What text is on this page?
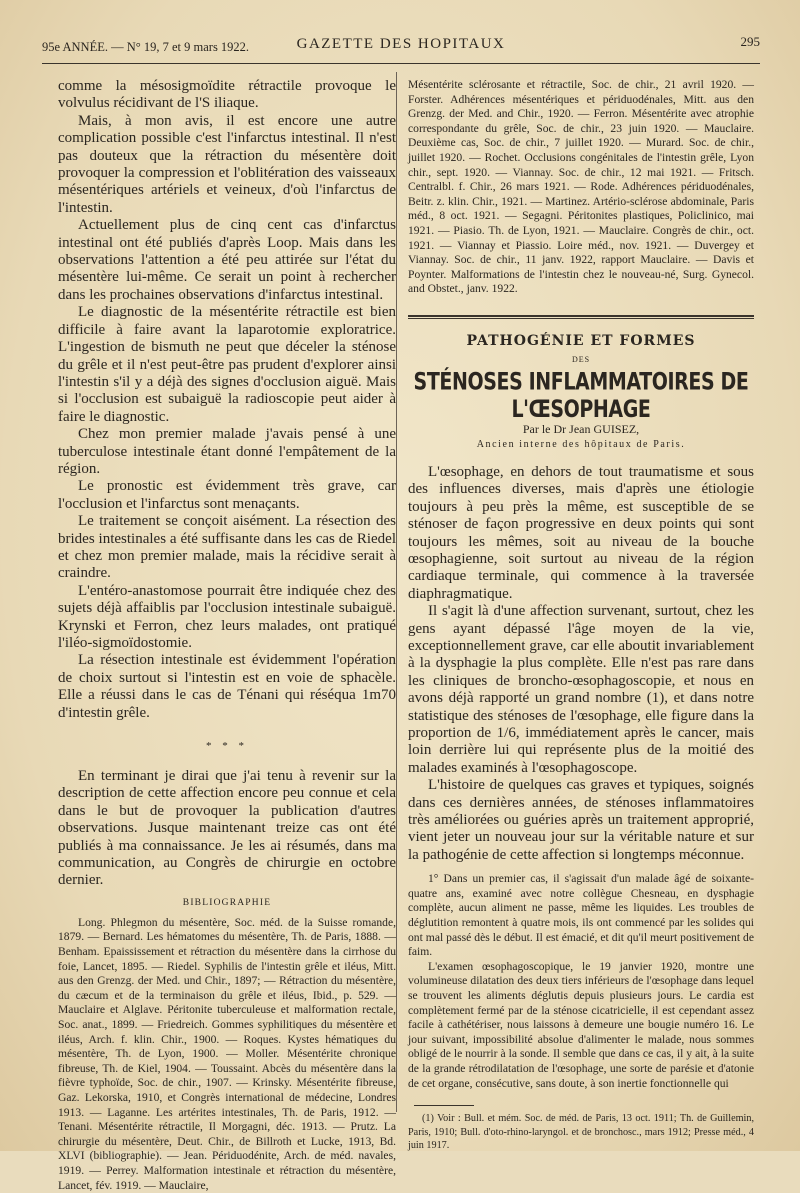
95e ANNÉE. — N° 19, 7 et 9 mars 1922.	GAZETTE DES HOPITAUX	295

comme la mésosigmoïdite rétractile provoque le volvulus récidivant de l'S iliaque.

Mais, à mon avis, il est encore une autre complication possible c'est l'infarctus intestinal. Il n'est pas douteux que la rétraction du mésentère doit provoquer la compression et l'oblitération des vaisseaux mésentériques artériels et veineux, d'où l'infarctus de l'intestin.

Actuellement plus de cinq cent cas d'infarctus intestinal ont été publiés d'après Loop. Mais dans les observations l'attention a été peu attirée sur l'état du mésentère lui-même. Ce serait un point à rechercher dans les prochaines observations d'infarctus intestinal.

Le diagnostic de la mésentérite rétractile est bien difficile à faire avant la laparotomie exploratrice. L'ingestion de bismuth ne peut que déceler la sténose du grêle et il n'est peut-être pas prudent d'explorer ainsi l'intestin s'il y a déjà des signes d'occlusion aiguë. Mais si l'occlusion est subaiguë la radioscopie peut aider à faire le diagnostic.

Chez mon premier malade j'avais pensé à une tuberculose intestinale étant donné l'empâtement de la région.

Le pronostic est évidemment très grave, car l'occlusion et l'infarctus sont menaçants.

Le traitement se conçoit aisément. La résection des brides intestinales a été suffisante dans les cas de Riedel et chez mon premier malade, mais la récidive serait à craindre.

L'entéro-anastomose pourrait être indiquée chez des sujets déjà affaiblis par l'occlusion intestinale subaiguë. Krynski et Ferron, chez leurs malades, ont pratiqué l'iléo-sigmoïdostomie.

La résection intestinale est évidemment l'opération de choix surtout si l'intestin est en voie de sphacèle. Elle a réussi dans le cas de Ténani qui réséqua 1m70 d'intestin grêle.

* * *

En terminant je dirai que j'ai tenu à revenir sur la description de cette affection encore peu connue et cela dans le but de provoquer la publication d'autres observations. Jusque maintenant treize cas ont été publiés à ma connaissance. Je les ai résumés, dans ma communication, au Congrès de chirurgie en octobre dernier.

BIBLIOGRAPHIE

Long. Phlegmon du mésentère, Soc. méd. de la Suisse romande, 1879. — Bernard. Les hématomes du mésentère, Th. de Paris, 1888. — Benham. Epaississement et rétraction du mésentère dans la cirrhose du foie, Lancet, 1895. — Riedel. Syphilis de l'intestin grêle et iléus, Mitt. aus den Grenzg. der Med. und Chir., 1897; — Rétraction du mésentère, du cæcum et de la terminaison du grêle et iléus, Ibid., p. 529. — Mauclaire et Alglave. Péritonite tuberculeuse et malformation rectale, Soc. anat., 1899. — Friedreich. Gommes syphilitiques du mésentère et iléus, Arch. f. klin. Chir., 1900. — Roques. Kystes hématiques du mésentère, Th. de Lyon, 1900. — Moller. Mésentérite chronique fibreuse, Th. de Kiel, 1904. — Toussaint. Abcès du mésentère dans la fièvre typhoïde, Soc. de chir., 1907. — Krinsky. Mésentérite fibreuse, Gaz. Lekorska, 1910, et Congrès international de médecine, Londres 1913. — Laganne. Les artérites intestinales, Th. de Paris, 1912. — Tenani. Mésentérite rétractile, Il Morgagni, déc. 1913. — Prutz. La chirurgie du mésentère, Deut. Chir., de Billroth et Lucke, 1913, Bd. XLVI (bibliographie). — Jean. Périduodénite, Arch. de méd. navales, 1919. — Perrey. Malformation intestinale et rétraction du mésentère, Lancet, fév. 1919. — Mauclaire,

Mésentérite sclérosante et rétractile, Soc. de chir., 21 avril 1920. — Forster. Adhérences mésentériques et périduodénales, Mitt. aus den Grenzg. der Med. and Chir., 1920. — Ferron. Mésentérite avec atrophie correspondante du grêle, Soc. de chir., 23 juin 1920. — Mauclaire. Deuxième cas, Soc. de chir., 7 juillet 1920. — Murard. Soc. de chir., juillet 1920. — Rochet. Occlusions congénitales de l'intestin grêle, Lyon chir., sept. 1920. — Viannay. Soc. de chir., 12 mai 1921. — Fritsch. Centralbl. f. Chir., 26 mars 1921. — Rode. Adhérences périduodénales, Beitr. z. klin. Chir., 1921. — Martinez. Artério-sclérose abdominale, Paris méd., 8 oct. 1921. — Segagni. Péritonites plastiques, Policlinico, mai 1921. — Piasio. Th. de Lyon, 1921. — Mauclaire. Congrès de chir., oct. 1921. — Viannay et Piassio. Loire méd., nov. 1921. — Duvergey et Viannay. Soc. de chir., 11 janv. 1922, rapport Mauclaire. — Davis et Poynter. Malformations de l'intestin chez le nouveau-né, Surg. Gynecol. and Obstet., janv. 1922.

PATHOGÉNIE ET FORMES
DES
STÉNOSES INFLAMMATOIRES DE L'ŒSOPHAGE
Par le Dr Jean GUISEZ,
Ancien interne des hôpitaux de Paris.

L'œsophage, en dehors de tout traumatisme et sous des influences diverses, mais d'après une étiologie toujours à peu près la même, est susceptible de se sténoser de façon progressive en deux points qui sont toujours les mêmes, soit au niveau de la bouche œsophagienne, soit surtout au niveau de la région cardiaque terminale, qui commence à la traversée diaphragmatique.

Il s'agit là d'une affection survenant, surtout, chez les gens ayant dépassé l'âge moyen de la vie, exceptionnellement grave, car elle aboutit invariablement à la dysphagie la plus complète. Elle n'est pas rare dans les cliniques de broncho-œsophagoscopie, et nous en avons déjà rapporté un grand nombre (1), et dans notre statistique des sténoses de l'œsophage, elle figure dans la proportion de 1/6, immédiatement après le cancer, mais loin derrière lui qui représente plus de la moitié des malades examinés à l'œsophagoscope.

L'histoire de quelques cas graves et typiques, soignés dans ces dernières années, de sténoses inflammatoires très améliorées ou guéries après un traitement approprié, vient jeter un nouveau jour sur la véritable nature et sur la pathogénie de cette affection si longtemps méconnue.

1° Dans un premier cas, il s'agissait d'un malade âgé de soixante-quatre ans, examiné avec notre collègue Chesneau, en dysphagie complète, aucun aliment ne passe, même les liquides. Les troubles de déglutition remontent à quatre mois, ils ont commencé par les solides qui ont mal passé dès le début. Il est émacié, et dit qu'il meurt positivement de faim.

L'examen œsophagoscopique, le 19 janvier 1920, montre une volumineuse dilatation des deux tiers inférieurs de l'œsophage dans lequel se trouvent les aliments déglutis depuis plusieurs jours. Le cardia est complètement fermé par de la sténose cicatricielle, il est cependant assez facile à cathétériser, nous laissons à demeure une bougie numéro 16. Le jour suivant, impossibilité absolue d'alimenter le malade, nous sommes obligé de le nourrir à la sonde. Il semble que dans ce cas, il y ait, à la suite de la grande rétrodilatation de l'œsophage, une sorte de parésie et d'atonie de cet organe, consécutive, sans doute, à son inertie fonctionnelle qui

(1) Voir : Bull. et mém. Soc. de méd. de Paris, 13 oct. 1911; Th. de Guillemin, Paris, 1910; Bull. d'oto-rhino-laryngol. et de bronchosc., mars 1912; Presse méd., 4 juin 1917.
